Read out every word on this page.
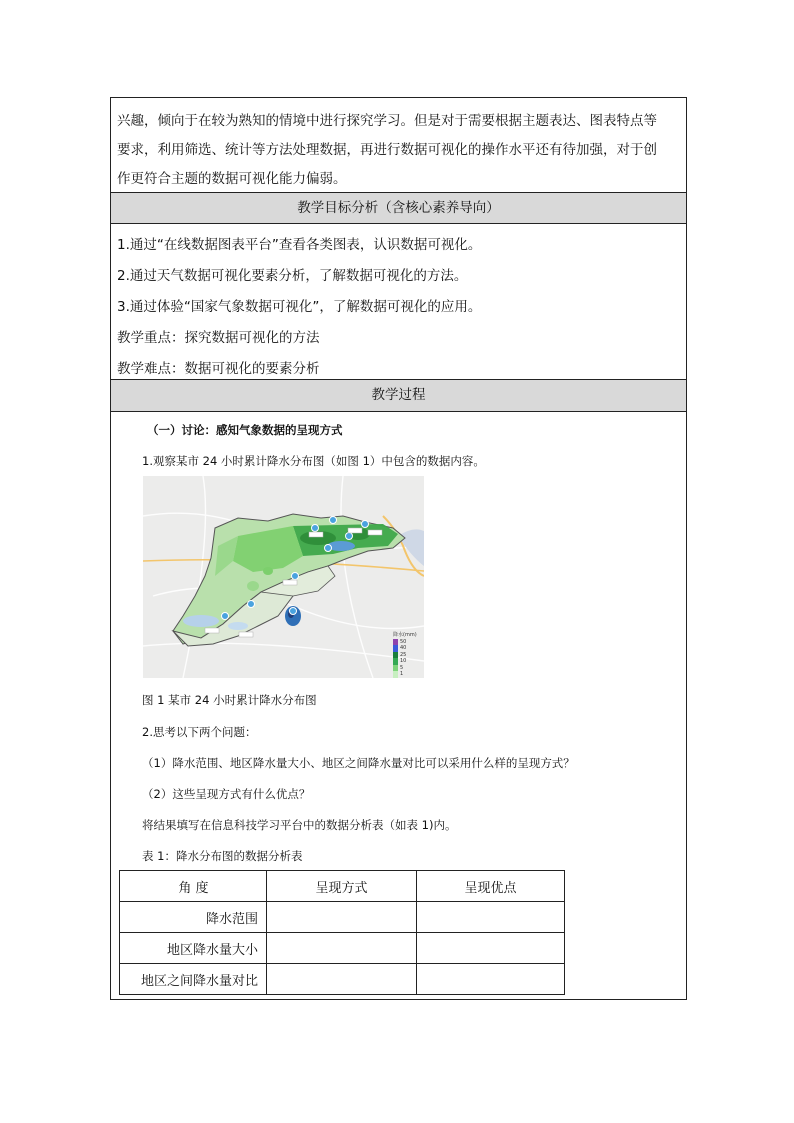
兴趣，倾向于在较为熟知的情境中进行探究学习。但是对于需要根据主题表达、图表特点等
要求，利用筛选、统计等方法处理数据，再进行数据可视化的操作水平还有待加强，对于创
作更符合主题的数据可视化能力偏弱。
教学目标分析（含核心素养导向）
1.通过“在线数据图表平台”查看各类图表，认识数据可视化。
2.通过天气数据可视化要素分析，了解数据可视化的方法。
3.通过体验“国家气象数据可视化”，了解数据可视化的应用。
教学重点：探究数据可视化的方法
教学难点：数据可视化的要素分析
教学过程
（一）讨论：感知气象数据的呈现方式
1.观察某市 24 小时累计降水分布图（如图 1）中包含的数据内容。
降水(mm)
50
40
25
10
5
1
图 1 某市 24 小时累计降水分布图
2.思考以下两个问题：
（1）降水范围、地区降水量大小、地区之间降水量对比可以采用什么样的呈现方式？
（2）这些呈现方式有什么优点？
将结果填写在信息科技学习平台中的数据分析表（如表 1)内。
表 1：降水分布图的数据分析表
角 度	呈现方式	呈现优点
降水范围		
地区降水量大小		
地区之间降水量对比		
